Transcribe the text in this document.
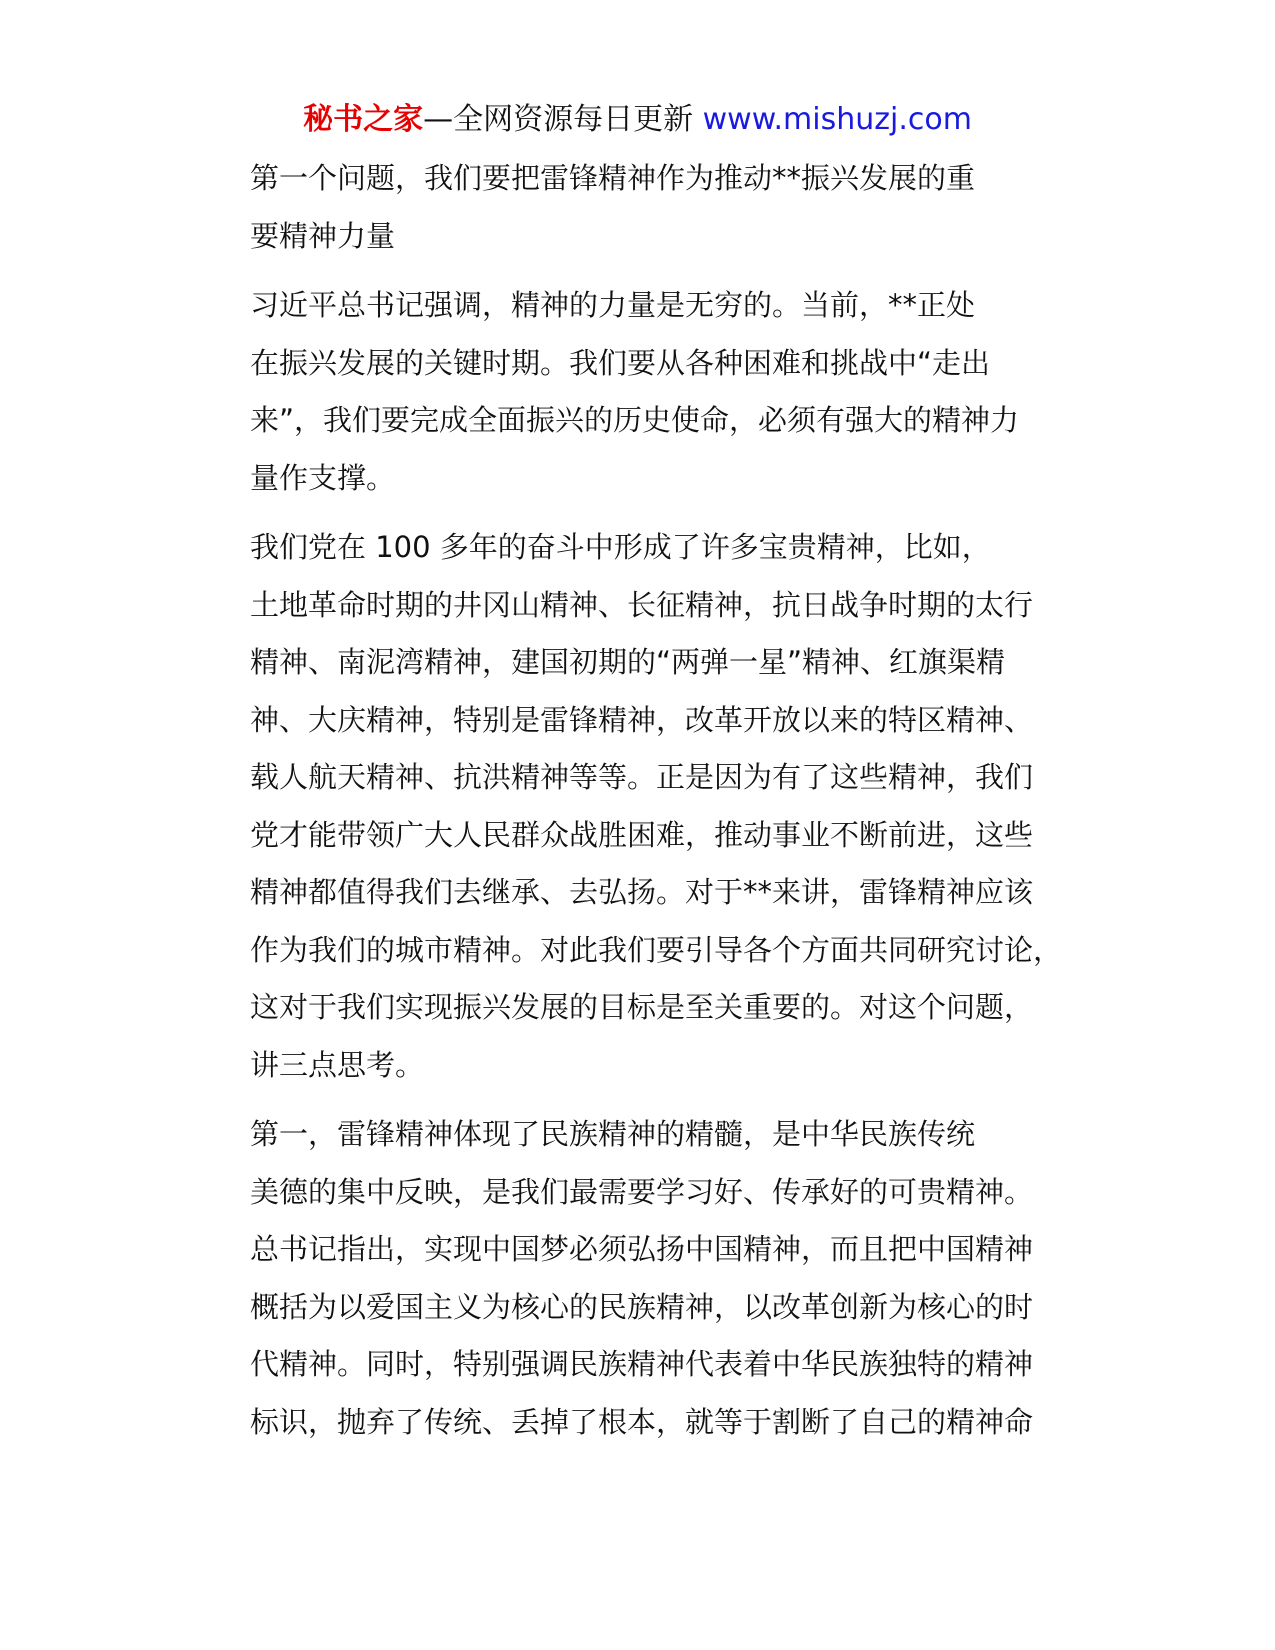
秘书之家—全网资源每日更新 www.mishuzj.com
第一个问题，我们要把雷锋精神作为推动**振兴发展的重
要精神力量
习近平总书记强调，精神的力量是无穷的。当前，**正处
在振兴发展的关键时期。我们要从各种困难和挑战中“走出
来”，我们要完成全面振兴的历史使命，必须有强大的精神力
量作支撑。
我们党在 100 多年的奋斗中形成了许多宝贵精神，比如，
土地革命时期的井冈山精神、长征精神，抗日战争时期的太行
精神、南泥湾精神，建国初期的“两弹一星”精神、红旗渠精
神、大庆精神，特别是雷锋精神，改革开放以来的特区精神、
载人航天精神、抗洪精神等等。正是因为有了这些精神，我们
党才能带领广大人民群众战胜困难，推动事业不断前进，这些
精神都值得我们去继承、去弘扬。对于**来讲，雷锋精神应该
作为我们的城市精神。对此我们要引导各个方面共同研究讨论，
这对于我们实现振兴发展的目标是至关重要的。对这个问题，
讲三点思考。
第一，雷锋精神体现了民族精神的精髓，是中华民族传统
美德的集中反映，是我们最需要学习好、传承好的可贵精神。
总书记指出，实现中国梦必须弘扬中国精神，而且把中国精神
概括为以爱国主义为核心的民族精神，以改革创新为核心的时
代精神。同时，特别强调民族精神代表着中华民族独特的精神
标识，抛弃了传统、丢掉了根本，就等于割断了自己的精神命
